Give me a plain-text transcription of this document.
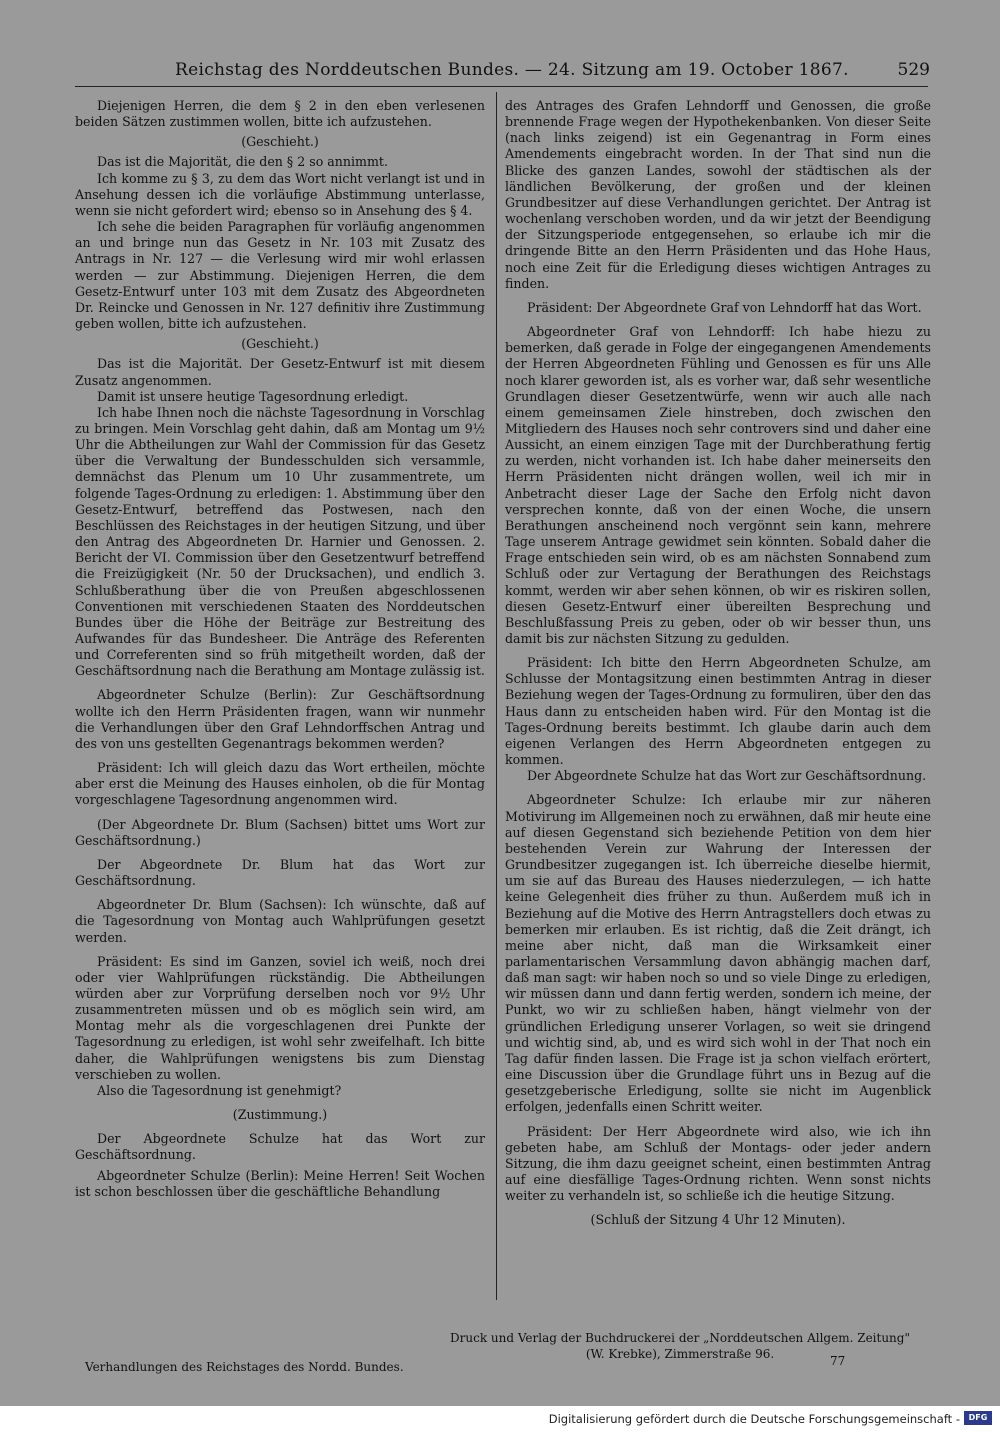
Reichstag des Norddeutschen Bundes. — 24. Sitzung am 19. October 1867.	529

Diejenigen Herren, die dem § 2 in den eben verlesenen beiden Sätzen zustimmen wollen, bitte ich aufzustehen.

(Geschieht.)

Das ist die Majorität, die den § 2 so annimmt.

Ich komme zu § 3, zu dem das Wort nicht verlangt ist und in Ansehung dessen ich die vorläufige Abstimmung unterlasse, wenn sie nicht gefordert wird; ebenso so in Ansehung des § 4.

Ich sehe die beiden Paragraphen für vorläufig angenommen an und bringe nun das Gesetz in Nr. 103 mit Zusatz des Antrags in Nr. 127 — die Verlesung wird mir wohl erlassen werden — zur Abstimmung. Diejenigen Herren, die dem Gesetz-Entwurf unter 103 mit dem Zusatz des Abgeordneten Dr. Reincke und Genossen in Nr. 127 definitiv ihre Zustimmung geben wollen, bitte ich aufzustehen.

(Geschieht.)

Das ist die Majorität. Der Gesetz-Entwurf ist mit diesem Zusatz angenommen.

Damit ist unsere heutige Tagesordnung erledigt.

Ich habe Ihnen noch die nächste Tagesordnung in Vorschlag zu bringen. Mein Vorschlag geht dahin, daß am Montag um 9½ Uhr die Abtheilungen zur Wahl der Commission für das Gesetz über die Verwaltung der Bundesschulden sich versammle, demnächst das Plenum um 10 Uhr zusammentrete, um folgende Tages-Ordnung zu erledigen: 1. Abstimmung über den Gesetz-Entwurf, betreffend das Postwesen, nach den Beschlüssen des Reichstages in der heutigen Sitzung, und über den Antrag des Abgeordneten Dr. Harnier und Genossen. 2. Bericht der VI. Commission über den Gesetzentwurf betreffend die Freizügigkeit (Nr. 50 der Drucksachen), und endlich 3. Schlußberathung über die von Preußen abgeschlossenen Conventionen mit verschiedenen Staaten des Norddeutschen Bundes über die Höhe der Beiträge zur Bestreitung des Aufwandes für das Bundesheer. Die Anträge des Referenten und Correferenten sind so früh mitgetheilt worden, daß der Geschäftsordnung nach die Berathung am Montage zulässig ist.

Abgeordneter Schulze (Berlin): Zur Geschäftsordnung wollte ich den Herrn Präsidenten fragen, wann wir nunmehr die Verhandlungen über den Graf Lehndorffschen Antrag und des von uns gestellten Gegenantrags bekommen werden?

Präsident: Ich will gleich dazu das Wort ertheilen, möchte aber erst die Meinung des Hauses einholen, ob die für Montag vorgeschlagene Tagesordnung angenommen wird.

(Der Abgeordnete Dr. Blum (Sachsen) bittet ums Wort zur Geschäftsordnung.)

Der Abgeordnete Dr. Blum hat das Wort zur Geschäftsordnung.

Abgeordneter Dr. Blum (Sachsen): Ich wünschte, daß auf die Tagesordnung von Montag auch Wahlprüfungen gesetzt werden.

Präsident: Es sind im Ganzen, soviel ich weiß, noch drei oder vier Wahlprüfungen rückständig. Die Abtheilungen würden aber zur Vorprüfung derselben noch vor 9½ Uhr zusammentreten müssen und ob es möglich sein wird, am Montag mehr als die vorgeschlagenen drei Punkte der Tagesordnung zu erledigen, ist wohl sehr zweifelhaft. Ich bitte daher, die Wahlprüfungen wenigstens bis zum Dienstag verschieben zu wollen.

Also die Tagesordnung ist genehmigt?

(Zustimmung.)

Der Abgeordnete Schulze hat das Wort zur Geschäftsordnung.

Abgeordneter Schulze (Berlin): Meine Herren! Seit Wochen ist schon beschlossen über die geschäftliche Behandlung

des Antrages des Grafen Lehndorff und Genossen, die große brennende Frage wegen der Hypothekenbanken. Von dieser Seite (nach links zeigend) ist ein Gegenantrag in Form eines Amendements eingebracht worden. In der That sind nun die Blicke des ganzen Landes, sowohl der städtischen als der ländlichen Bevölkerung, der großen und der kleinen Grundbesitzer auf diese Verhandlungen gerichtet. Der Antrag ist wochenlang verschoben worden, und da wir jetzt der Beendigung der Sitzungsperiode entgegensehen, so erlaube ich mir die dringende Bitte an den Herrn Präsidenten und das Hohe Haus, noch eine Zeit für die Erledigung dieses wichtigen Antrages zu finden.

Präsident: Der Abgeordnete Graf von Lehndorff hat das Wort.

Abgeordneter Graf von Lehndorff: Ich habe hiezu zu bemerken, daß gerade in Folge der eingegangenen Amendements der Herren Abgeordneten Fühling und Genossen es für uns Alle noch klarer geworden ist, als es vorher war, daß sehr wesentliche Grundlagen dieser Gesetzentwürfe, wenn wir auch alle nach einem gemeinsamen Ziele hinstreben, doch zwischen den Mitgliedern des Hauses noch sehr controvers sind und daher eine Aussicht, an einem einzigen Tage mit der Durchberathung fertig zu werden, nicht vorhanden ist. Ich habe daher meinerseits den Herrn Präsidenten nicht drängen wollen, weil ich mir in Anbetracht dieser Lage der Sache den Erfolg nicht davon versprechen konnte, daß von der einen Woche, die unsern Berathungen anscheinend noch vergönnt sein kann, mehrere Tage unserem Antrage gewidmet sein könnten. Sobald daher die Frage entschieden sein wird, ob es am nächsten Sonnabend zum Schluß oder zur Vertagung der Berathungen des Reichstags kommt, werden wir aber sehen können, ob wir es riskiren sollen, diesen Gesetz-Entwurf einer übereilten Besprechung und Beschlußfassung Preis zu geben, oder ob wir besser thun, uns damit bis zur nächsten Sitzung zu gedulden.

Präsident: Ich bitte den Herrn Abgeordneten Schulze, am Schlusse der Montagsitzung einen bestimmten Antrag in dieser Beziehung wegen der Tages-Ordnung zu formuliren, über den das Haus dann zu entscheiden haben wird. Für den Montag ist die Tages-Ordnung bereits bestimmt. Ich glaube darin auch dem eigenen Verlangen des Herrn Abgeordneten entgegen zu kommen.

Der Abgeordnete Schulze hat das Wort zur Geschäftsordnung.

Abgeordneter Schulze: Ich erlaube mir zur näheren Motivirung im Allgemeinen noch zu erwähnen, daß mir heute eine auf diesen Gegenstand sich beziehende Petition von dem hier bestehenden Verein zur Wahrung der Interessen der Grundbesitzer zugegangen ist. Ich überreiche dieselbe hiermit, um sie auf das Bureau des Hauses niederzulegen, — ich hatte keine Gelegenheit dies früher zu thun. Außerdem muß ich in Beziehung auf die Motive des Herrn Antragstellers doch etwas zu bemerken mir erlauben. Es ist richtig, daß die Zeit drängt, ich meine aber nicht, daß man die Wirksamkeit einer parlamentarischen Versammlung davon abhängig machen darf, daß man sagt: wir haben noch so und so viele Dinge zu erledigen, wir müssen dann und dann fertig werden, sondern ich meine, der Punkt, wo wir zu schließen haben, hängt vielmehr von der gründlichen Erledigung unserer Vorlagen, so weit sie dringend und wichtig sind, ab, und es wird sich wohl in der That noch ein Tag dafür finden lassen. Die Frage ist ja schon vielfach erörtert, eine Discussion über die Grundlage führt uns in Bezug auf die gesetzgeberische Erledigung, sollte sie nicht im Augenblick erfolgen, jedenfalls einen Schritt weiter.

Präsident: Der Herr Abgeordnete wird also, wie ich ihn gebeten habe, am Schluß der Montags- oder jeder andern Sitzung, die ihm dazu geeignet scheint, einen bestimmten Antrag auf eine diesfällige Tages-Ordnung richten. Wenn sonst nichts weiter zu verhandeln ist, so schließe ich die heutige Sitzung.

(Schluß der Sitzung 4 Uhr 12 Minuten).

Druck und Verlag der Buchdruckerei der „Norddeutschen Allgem. Zeitung"
(W. Krebke), Zimmerstraße 96.	77
Verhandlungen des Reichstages des Nordd. Bundes.
Digitalisierung gefördert durch die Deutsche Forschungsgemeinschaft -	DFG
